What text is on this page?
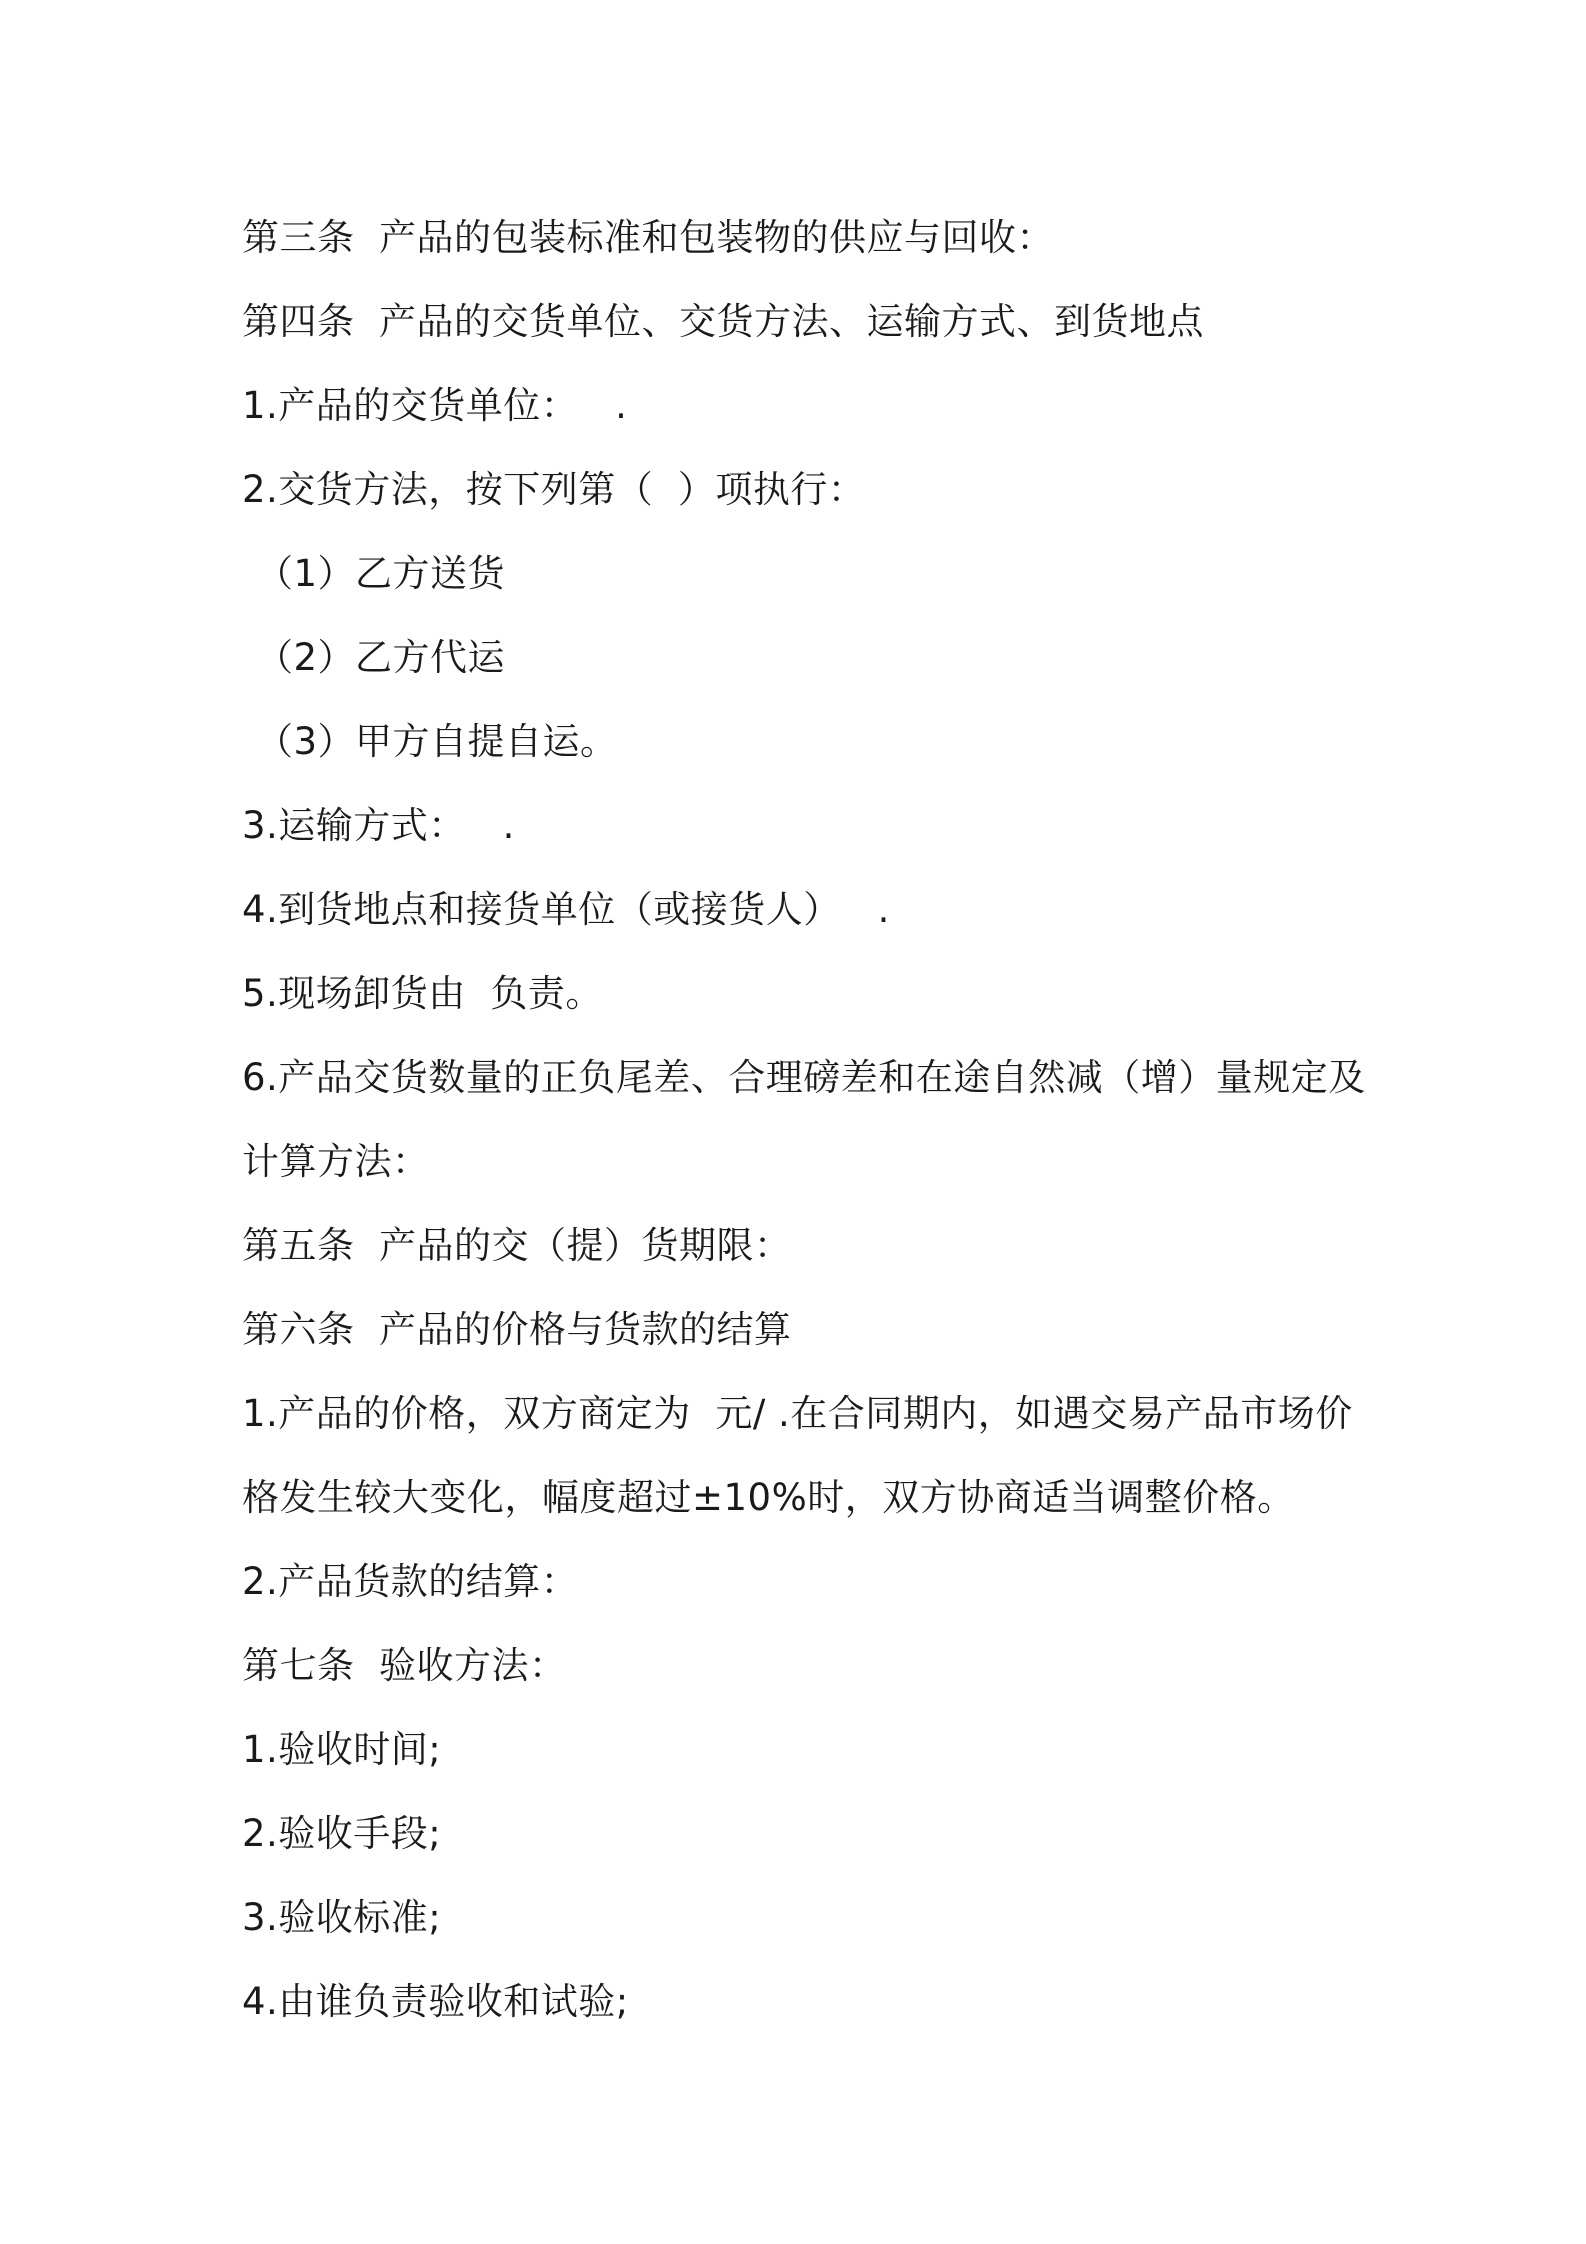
第三条  产品的包装标准和包装物的供应与回收：
第四条  产品的交货单位、交货方法、运输方式、到货地点
1.产品的交货单位：   .
2.交货方法，按下列第（  ）项执行：
（1）乙方送货
（2）乙方代运
（3）甲方自提自运。
3.运输方式：   .
4.到货地点和接货单位（或接货人）   .
5.现场卸货由  负责。
6.产品交货数量的正负尾差、合理磅差和在途自然减（增）量规定及
计算方法：
第五条  产品的交（提）货期限：
第六条  产品的价格与货款的结算
1.产品的价格，双方商定为  元/ .在合同期内，如遇交易产品市场价
格发生较大变化，幅度超过±10%时，双方协商适当调整价格。
2.产品货款的结算：
第七条  验收方法：
1.验收时间;
2.验收手段;
3.验收标准;
4.由谁负责验收和试验;
